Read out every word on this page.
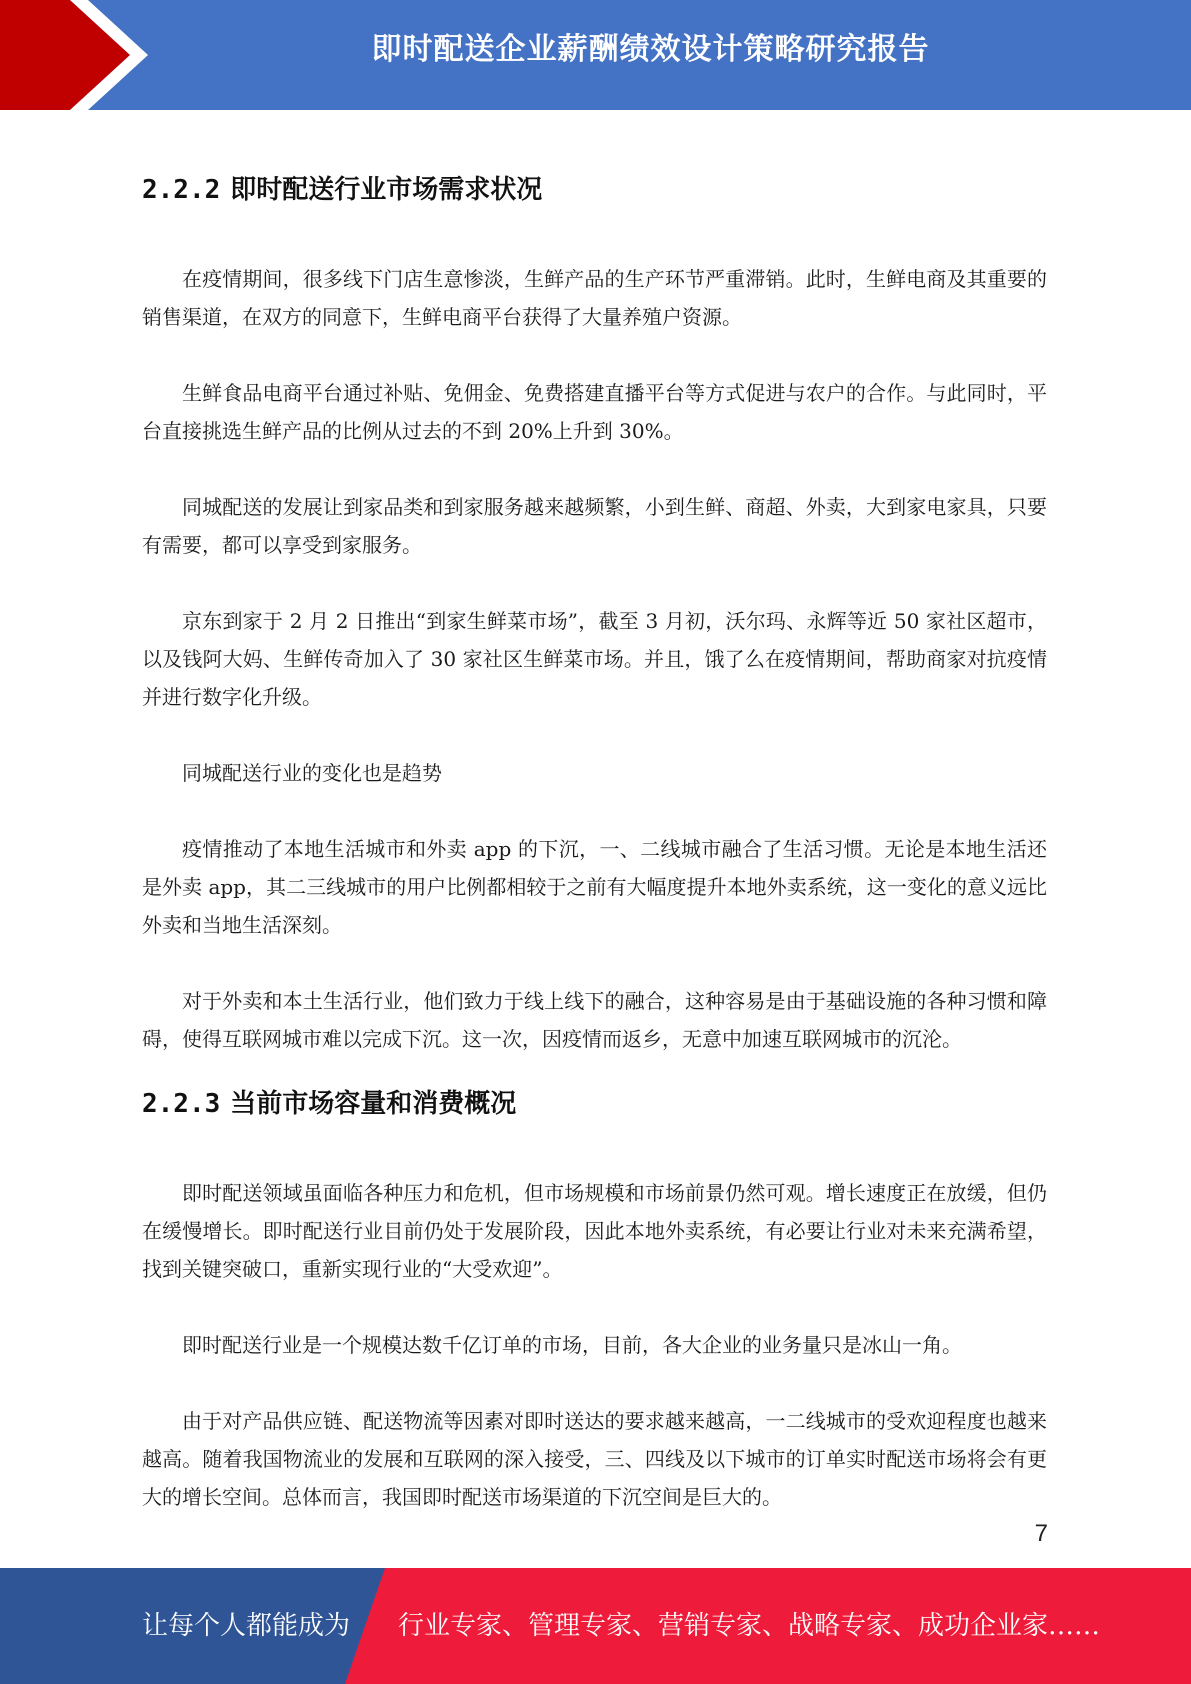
即时配送企业薪酬绩效设计策略研究报告
2.2.2 即时配送行业市场需求状况

在疫情期间，很多线下门店生意惨淡，生鲜产品的生产环节严重滞销。此时，生鲜电商及其重要的销售渠道，在双方的同意下，生鲜电商平台获得了大量养殖户资源。

生鲜食品电商平台通过补贴、免佣金、免费搭建直播平台等方式促进与农户的合作。与此同时，平台直接挑选生鲜产品的比例从过去的不到 20%上升到 30%。

同城配送的发展让到家品类和到家服务越来越频繁，小到生鲜、商超、外卖，大到家电家具，只要有需要，都可以享受到家服务。

京东到家于 2 月 2 日推出“到家生鲜菜市场”，截至 3 月初，沃尔玛、永辉等近 50 家社区超市，以及钱阿大妈、生鲜传奇加入了 30 家社区生鲜菜市场。并且，饿了么在疫情期间，帮助商家对抗疫情并进行数字化升级。

同城配送行业的变化也是趋势

疫情推动了本地生活城市和外卖 app 的下沉，一、二线城市融合了生活习惯。无论是本地生活还是外卖 app，其二三线城市的用户比例都相较于之前有大幅度提升本地外卖系统，这一变化的意义远比外卖和当地生活深刻。

对于外卖和本土生活行业，他们致力于线上线下的融合，这种容易是由于基础设施的各种习惯和障碍，使得互联网城市难以完成下沉。这一次，因疫情而返乡，无意中加速互联网城市的沉沦。

2.2.3 当前市场容量和消费概况

即时配送领域虽面临各种压力和危机，但市场规模和市场前景仍然可观。增长速度正在放缓，但仍在缓慢增长。即时配送行业目前仍处于发展阶段，因此本地外卖系统，有必要让行业对未来充满希望，找到关键突破口，重新实现行业的“大受欢迎”。

即时配送行业是一个规模达数千亿订单的市场，目前，各大企业的业务量只是冰山一角。

由于对产品供应链、配送物流等因素对即时送达的要求越来越高，一二线城市的受欢迎程度也越来越高。随着我国物流业的发展和互联网的深入接受，三、四线及以下城市的订单实时配送市场将会有更大的增长空间。总体而言，我国即时配送市场渠道的下沉空间是巨大的。

7
让每个人都能成为 行业专家、管理专家、营销专家、战略专家、成功企业家……
